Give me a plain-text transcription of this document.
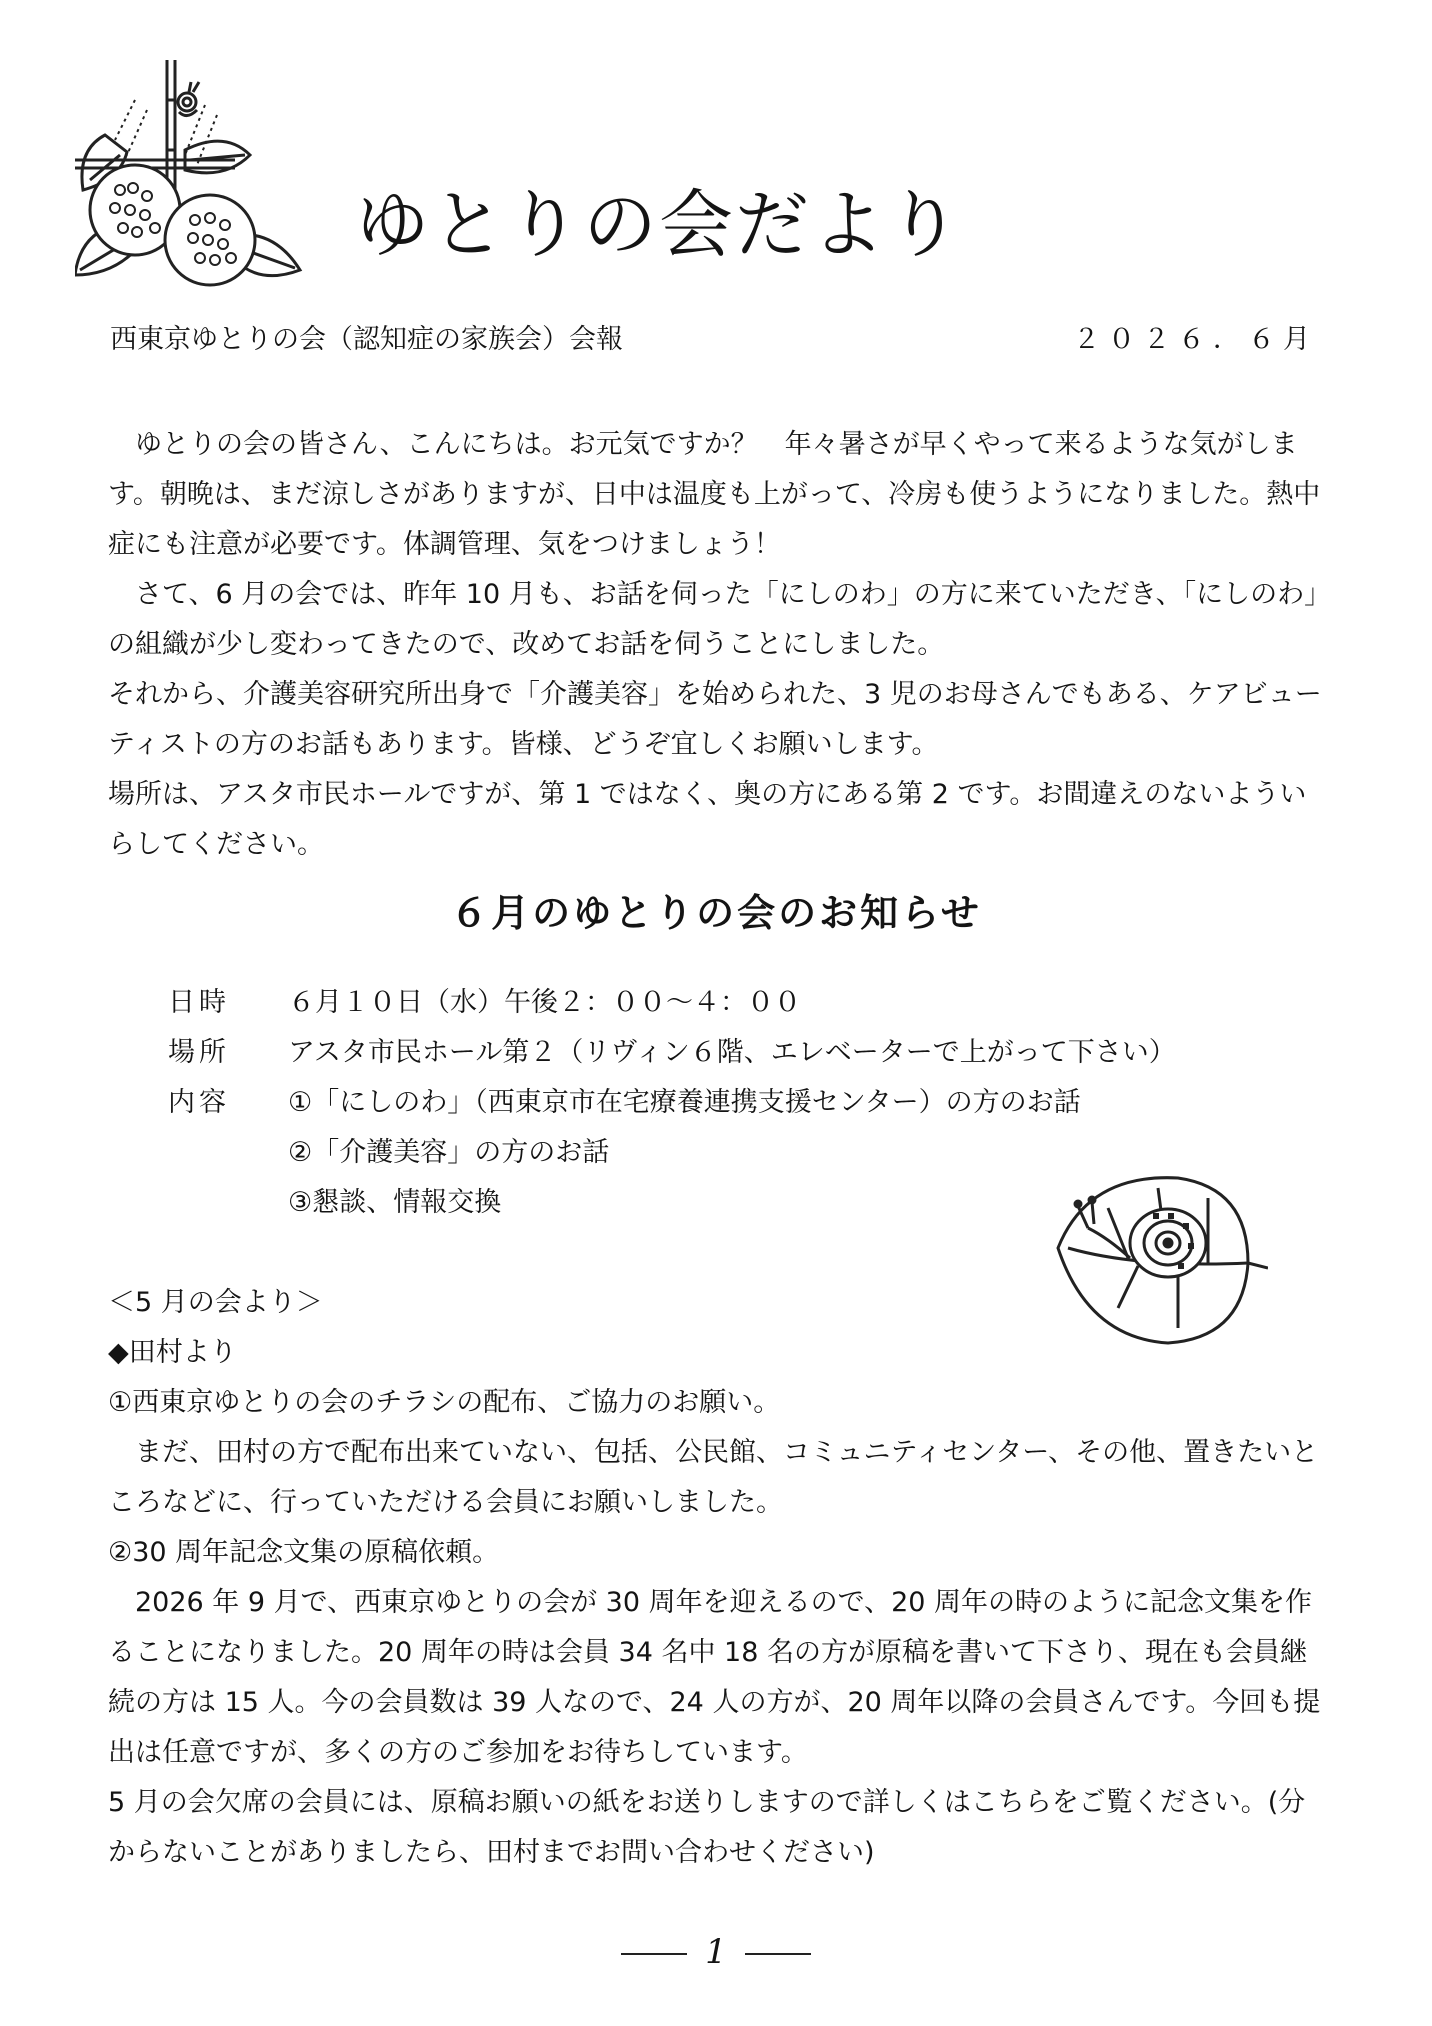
ゆとりの会だより
西東京ゆとりの会（認知症の家族会）会報	２０２６．６月

ゆとりの会の皆さん、こんにちは。お元気ですか？　年々暑さが早くやって来るような気がします。朝晩は、まだ涼しさがありますが、日中は温度も上がって、冷房も使うようになりました。熱中症にも注意が必要です。体調管理、気をつけましょう！

さて、6 月の会では、昨年 10 月も、お話を伺った「にしのわ」の方に来ていただき、「にしのわ」の組織が少し変わってきたので、改めてお話を伺うことにしました。

それから、介護美容研究所出身で「介護美容」を始められた、3 児のお母さんでもある、ケアビューティストの方のお話もあります。皆様、どうぞ宜しくお願いします。

場所は、アスタ市民ホールですが、第 1 ではなく、奥の方にある第 2 です。お間違えのないよういらしてください。

６月のゆとりの会のお知らせ
日時	６月１０日（水）午後２：００～４：００
場所	アスタ市民ホール第２（リヴィン６階、エレベーターで上がって下さい）
内容	①「にしのわ」（西東京市在宅療養連携支援センター）の方のお話
②「介護美容」の方のお話
③懇談、情報交換

＜5 月の会より＞

◆田村より

①西東京ゆとりの会のチラシの配布、ご協力のお願い。

まだ、田村の方で配布出来ていない、包括、公民館、コミュニティセンター、その他、置きたいところなどに、行っていただける会員にお願いしました。

②30 周年記念文集の原稿依頼。

2026 年 9 月で、西東京ゆとりの会が 30 周年を迎えるので、20 周年の時のように記念文集を作ることになりました。20 周年の時は会員 34 名中 18 名の方が原稿を書いて下さり、現在も会員継続の方は 15 人。今の会員数は 39 人なので、24 人の方が、20 周年以降の会員さんです。今回も提出は任意ですが、多くの方のご参加をお待ちしています。

5 月の会欠席の会員には、原稿お願いの紙をお送りしますので詳しくはこちらをご覧ください。(分からないことがありましたら、田村までお問い合わせください)

1
